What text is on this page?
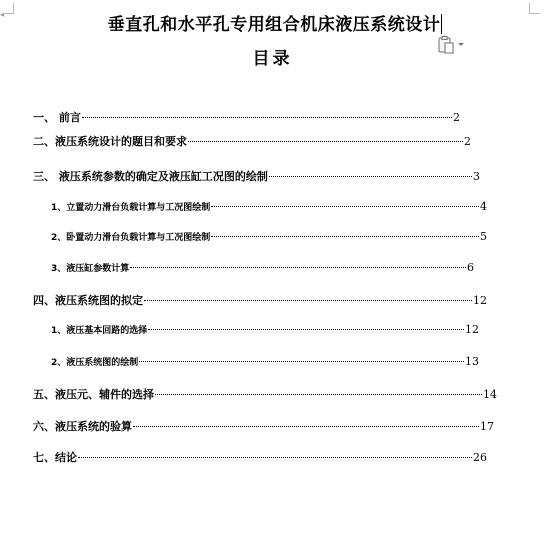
◂
垂直孔和水平孔专用组合机床液压系统设计
目录
一、 前言	2
二、液压系统设计的题目和要求	2
三、 液压系统参数的确定及液压缸工况图的绘制	3
1、立置动力滑台负载计算与工况图绘制	4
2、卧置动力滑台负载计算与工况图绘制	5
3、液压缸参数计算	6
四、液压系统图的拟定	12
1、液压基本回路的选择	12
2、液压系统图的绘制	13
五、液压元、辅件的选择	14
六、液压系统的验算	17
七、结论	26
